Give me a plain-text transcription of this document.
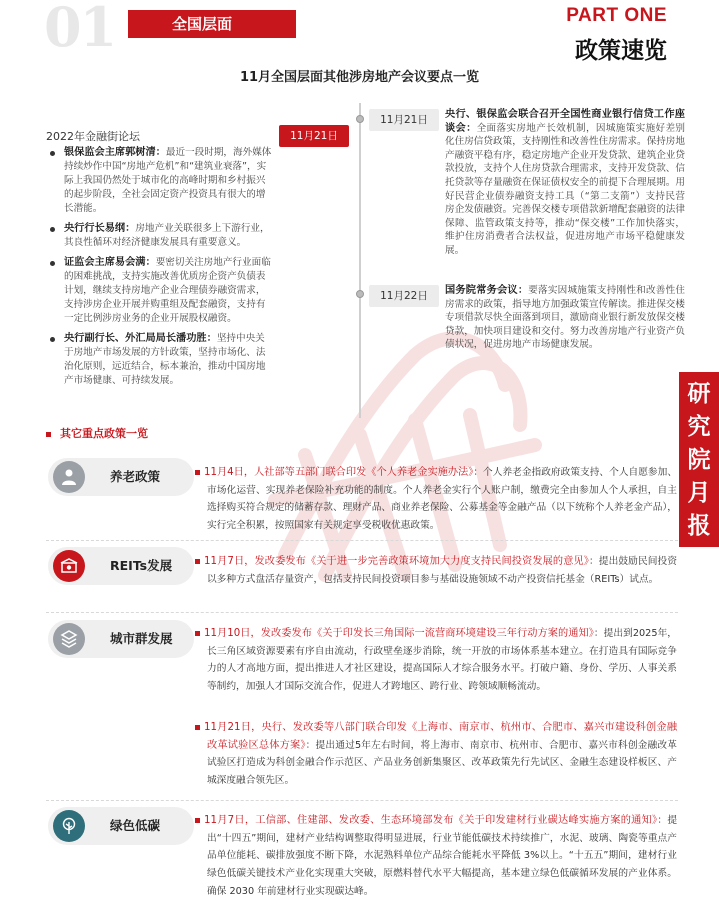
01	全国层面	PART ONE
政策速览
11月全国层面其他涉房地产会议要点一览
2022年金融街论坛
银保监会主席郭树清：最近一段时期，海外媒体持续炒作中国“房地产危机”和“建筑业衰落”，实际上我国仍然处于城市化的高峰时期和乡村振兴的起步阶段，全社会固定资产投资具有很大的增长潜能。
央行行长易纲：房地产业关联很多上下游行业，其良性循环对经济健康发展具有重要意义。
证监会主席易会满：要密切关注房地产行业面临的困难挑战，支持实施改善优质房企资产负债表计划，继续支持房地产企业合理债券融资需求，支持涉房企业开展并购重组及配套融资，支持有一定比例涉房业务的企业开展股权融资。
央行副行长、外汇局局长潘功胜：坚持中央关于房地产市场发展的方针政策，坚持市场化、法治化原则，远近结合，标本兼治，推动中国房地产市场健康、可持续发展。
11月21日
11月21日
11月22日
央行、银保监会联合召开全国性商业银行信贷工作座谈会：全面落实房地产长效机制，因城施策实施好差别化住房信贷政策，支持刚性和改善性住房需求。保持房地产融资平稳有序，稳定房地产企业开发贷款、建筑企业贷款投放，支持个人住房贷款合理需求，支持开发贷款、信托贷款等存量融资在保证债权安全的前提下合理展期。用好民营企业债券融资支持工具（“第二支箭”）支持民营房企发债融资。完善保交楼专项借款新增配套融资的法律保障、监管政策支持等，推动“保交楼”工作加快落实，维护住房消费者合法权益，促进房地产市场平稳健康发展。
国务院常务会议：要落实因城施策支持刚性和改善性住房需求的政策，指导地方加强政策宣传解读。推进保交楼专项借款尽快全面落到项目，激励商业银行新发放保交楼贷款，加快项目建设和交付。努力改善房地产行业资产负债状况，促进房地产市场健康发展。
研
究
院
月
报
其它重点政策一览
养老政策
REITs发展
城市群发展
绿色低碳
11月4日，人社部等五部门联合印发《个人养老金实施办法》：个人养老金指政府政策支持、个人自愿参加、市场化运营、实现养老保险补充功能的制度。个人养老金实行个人账户制，缴费完全由参加人个人承担，自主选择购买符合规定的储蓄存款、理财产品、商业养老保险、公募基金等金融产品（以下统称个人养老金产品），实行完全积累，按照国家有关规定享受税收优惠政策。
11月7日，发改委发布《关于进一步完善政策环境加大力度支持民间投资发展的意见》：提出鼓励民间投资以多种方式盘活存量资产，包括支持民间投资项目参与基础设施领域不动产投资信托基金（REITs）试点。
11月10日，发改委发布《关于印发长三角国际一流营商环境建设三年行动方案的通知》：提出到2025年，长三角区域资源要素有序自由流动，行政壁垒逐步消除，统一开放的市场体系基本建立。在打造具有国际竞争力的人才高地方面，提出推进人才社区建设，提高国际人才综合服务水平。打破户籍、身份、学历、人事关系等制约，加强人才国际交流合作，促进人才跨地区、跨行业、跨领域顺畅流动。
11月21日，央行、发改委等八部门联合印发《上海市、南京市、杭州市、合肥市、嘉兴市建设科创金融改革试验区总体方案》：提出通过5年左右时间，将上海市、南京市、杭州市、合肥市、嘉兴市科创金融改革试验区打造成为科创金融合作示范区、产品业务创新集聚区、改革政策先行先试区、金融生态建设样板区、产城深度融合领先区。
11月7日，工信部、住建部、发改委、生态环境部发布《关于印发建材行业碳达峰实施方案的通知》：提出“十四五”期间，建材产业结构调整取得明显进展，行业节能低碳技术持续推广，水泥、玻璃、陶瓷等重点产品单位能耗、碳排放强度不断下降，水泥熟料单位产品综合能耗水平降低 3%以上。“十五五”期间，建材行业绿色低碳关键技术产业化实现重大突破，原燃料替代水平大幅提高，基本建立绿色低碳循环发展的产业体系。确保 2030 年前建材行业实现碳达峰。
